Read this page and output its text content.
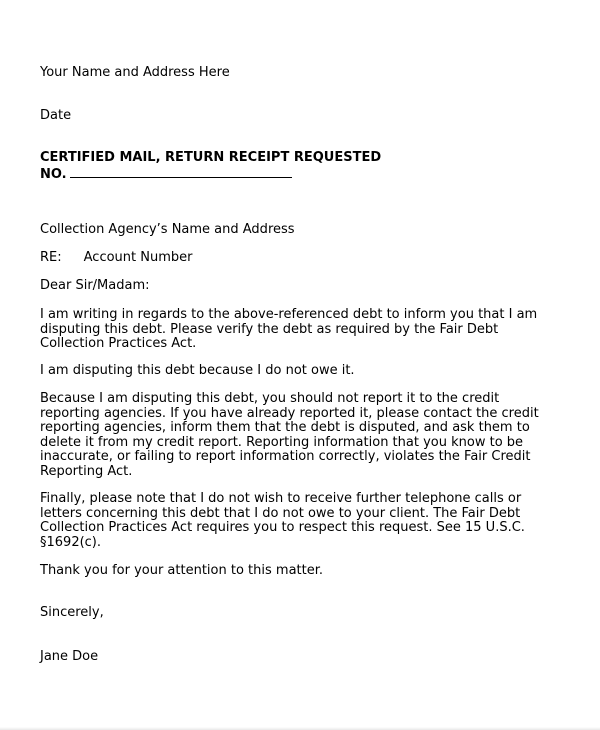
Your Name and Address Here

Date

CERTIFIED MAIL, RETURN RECEIPT REQUESTED

NO.

Collection Agency’s Name and Address

RE: Account Number

Dear Sir/Madam:

I am writing in regards to the above-referenced debt to inform you that I am
disputing this debt. Please verify the debt as required by the Fair Debt
Collection Practices Act.

I am disputing this debt because I do not owe it.

Because I am disputing this debt, you should not report it to the credit
reporting agencies. If you have already reported it, please contact the credit
reporting agencies, inform them that the debt is disputed, and ask them to
delete it from my credit report. Reporting information that you know to be
inaccurate, or failing to report information correctly, violates the Fair Credit
Reporting Act.

Finally, please note that I do not wish to receive further telephone calls or
letters concerning this debt that I do not owe to your client. The Fair Debt
Collection Practices Act requires you to respect this request. See 15 U.S.C.
§1692(c).

Thank you for your attention to this matter.

Sincerely,

Jane Doe
